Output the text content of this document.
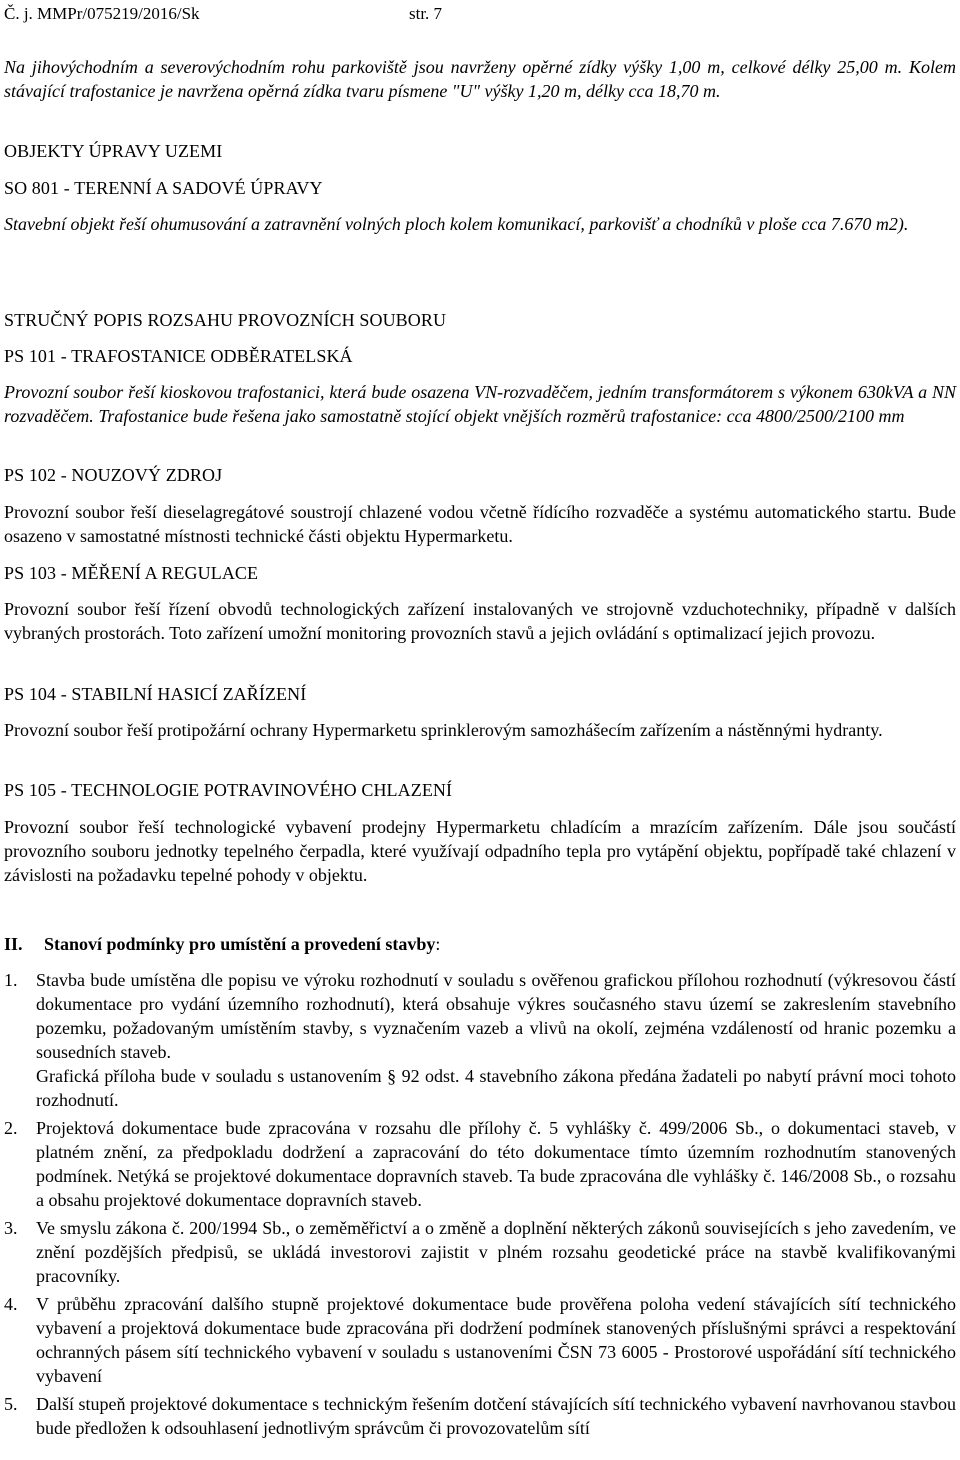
Č. j. MMPr/075219/2016/Sk	str. 7
Na jihovýchodním a severovýchodním rohu parkoviště jsou navrženy opěrné zídky výšky 1,00 m, celkové délky 25,00 m. Kolem stávající trafostanice je navržena opěrná zídka tvaru písmene "U" výšky 1,20 m, délky cca 18,70 m.
OBJEKTY ÚPRAVY UZEMI
SO 801 - TERENNÍ A SADOVÉ ÚPRAVY
Stavební objekt řeší ohumusování a zatravnění volných ploch kolem komunikací, parkovišť a chodníků v ploše cca 7.670 m2).
STRUČNÝ POPIS ROZSAHU PROVOZNÍCH SOUBORU
PS 101 - TRAFOSTANICE ODBĚRATELSKÁ
Provozní soubor řeší kioskovou trafostanici, která bude osazena VN-rozvaděčem, jedním transformátorem s výkonem 630kVA a NN rozvaděčem. Trafostanice bude řešena jako samostatně stojící objekt vnějších rozměrů trafostanice: cca 4800/2500/2100 mm
PS 102 - NOUZOVÝ ZDROJ
Provozní soubor řeší dieselagregátové soustrojí chlazené vodou včetně řídícího rozvaděče a systému automatického startu. Bude osazeno v samostatné místnosti technické části objektu Hypermarketu.
PS 103 - MĚŘENÍ A REGULACE
Provozní soubor řeší řízení obvodů technologických zařízení instalovaných ve strojovně vzduchotechniky, případně v dalších vybraných prostorách. Toto zařízení umožní monitoring provozních stavů a jejich ovládání s optimalizací jejich provozu.
PS 104 - STABILNÍ HASICÍ ZAŘÍZENÍ
Provozní soubor řeší protipožární ochrany Hypermarketu sprinklerovým samozhášecím zařízením a nástěnnými hydranty.
PS 105 - TECHNOLOGIE POTRAVINOVÉHO CHLAZENÍ
Provozní soubor řeší technologické vybavení prodejny Hypermarketu chladícím a mrazícím zařízením. Dále jsou součástí provozního souboru jednotky tepelného čerpadla, které využívají odpadního tepla pro vytápění objektu, popřípadě také chlazení v závislosti na požadavku tepelné pohody v objektu.
II. Stanoví podmínky pro umístění a provedení stavby:
1. Stavba bude umístěna dle popisu ve výroku rozhodnutí v souladu s ověřenou grafickou přílohou rozhodnutí (výkresovou částí dokumentace pro vydání územního rozhodnutí), která obsahuje výkres současného stavu území se zakreslením stavebního pozemku, požadovaným umístěním stavby, s vyznačením vazeb a vlivů na okolí, zejména vzdáleností od hranic pozemku a sousedních staveb.
Grafická příloha bude v souladu s ustanovením § 92 odst. 4 stavebního zákona předána žadateli po nabytí právní moci tohoto rozhodnutí.
2. Projektová dokumentace bude zpracována v rozsahu dle přílohy č. 5 vyhlášky č. 499/2006 Sb., o dokumentaci staveb, v platném znění, za předpokladu dodržení a zapracování do této dokumentace tímto územním rozhodnutím stanovených podmínek. Netýká se projektové dokumentace dopravních staveb. Ta bude zpracována dle vyhlášky č. 146/2008 Sb., o rozsahu a obsahu projektové dokumentace dopravních staveb.
3. Ve smyslu zákona č. 200/1994 Sb., o zeměměřictví a o změně a doplnění některých zákonů souvisejících s jeho zavedením, ve znění pozdějších předpisů, se ukládá investorovi zajistit v plném rozsahu geodetické práce na stavbě kvalifikovanými pracovníky.
4. V průběhu zpracování dalšího stupně projektové dokumentace bude prověřena poloha vedení stávajících sítí technického vybavení a projektová dokumentace bude zpracována při dodržení podmínek stanovených příslušnými správci a respektování ochranných pásem sítí technického vybavení v souladu s ustanoveními ČSN 73 6005 - Prostorové uspořádání sítí technického vybavení
5. Další stupeň projektové dokumentace s technickým řešením dotčení stávajících sítí technického vybavení navrhovanou stavbou bude předložen k odsouhlasení jednotlivým správcům či provozovatelům sítí
